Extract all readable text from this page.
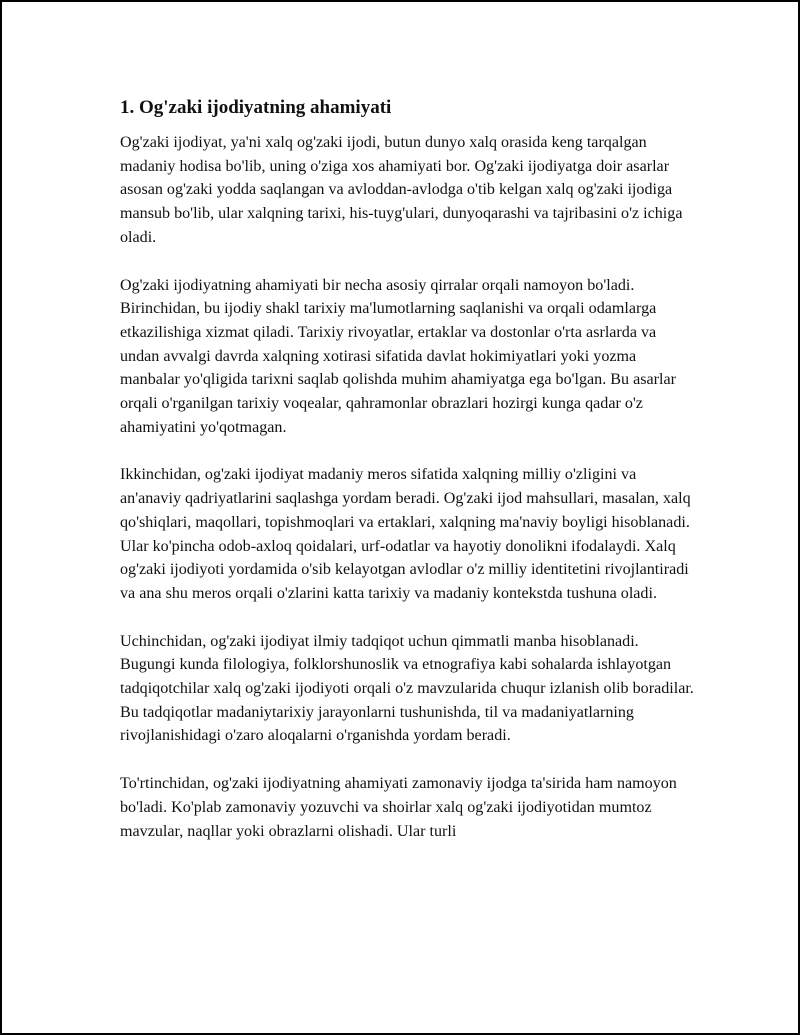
1. Og'zaki ijodiyatning ahamiyati

Og'zaki ijodiyat, ya'ni xalq og'zaki ijodi, butun dunyo xalq orasida keng tarqalgan madaniy hodisa bo'lib, uning o'ziga xos ahamiyati bor. Og'zaki ijodiyatga doir asarlar asosan og'zaki yodda saqlangan va avloddan-avlodga o'tib kelgan xalq og'zaki ijodiga mansub bo'lib, ular xalqning tarixi, his-tuyg'ulari, dunyoqarashi va tajribasini o'z ichiga oladi.

Og'zaki ijodiyatning ahamiyati bir necha asosiy qirralar orqali namoyon bo'ladi. Birinchidan, bu ijodiy shakl tarixiy ma'lumotlarning saqlanishi va orqali odamlarga etkazilishiga xizmat qiladi. Tarixiy rivoyatlar, ertaklar va dostonlar o'rta asrlarda va undan avvalgi davrda xalqning xotirasi sifatida davlat hokimiyatlari yoki yozma manbalar yo'qligida tarixni saqlab qolishda muhim ahamiyatga ega bo'lgan. Bu asarlar orqali o'rganilgan tarixiy voqealar, qahramonlar obrazlari hozirgi kunga qadar o'z ahamiyatini yo'qotmagan.

Ikkinchidan, og'zaki ijodiyat madaniy meros sifatida xalqning milliy o'zligini va an'anaviy qadriyatlarini saqlashga yordam beradi. Og'zaki ijod mahsullari, masalan, xalq qo'shiqlari, maqollari, topishmoqlari va ertaklari, xalqning ma'naviy boyligi hisoblanadi. Ular ko'pincha odob-axloq qoidalari, urf-odatlar va hayotiy donolikni ifodalaydi. Xalq og'zaki ijodiyoti yordamida o'sib kelayotgan avlodlar o'z milliy identitetini rivojlantiradi va ana shu meros orqali o'zlarini katta tarixiy va madaniy kontekstda tushuna oladi.

Uchinchidan, og'zaki ijodiyat ilmiy tadqiqot uchun qimmatli manba hisoblanadi. Bugungi kunda filologiya, folklorshunoslik va etnografiya kabi sohalarda ishlayotgan tadqiqotchilar xalq og'zaki ijodiyoti orqali o'z mavzularida chuqur izlanish olib boradilar. Bu tadqiqotlar madaniytarixiy jarayonlarni tushunishda, til va madaniyatlarning rivojlanishidagi o'zaro aloqalarni o'rganishda yordam beradi.

To'rtinchidan, og'zaki ijodiyatning ahamiyati zamonaviy ijodga ta'sirida ham namoyon bo'ladi. Ko'plab zamonaviy yozuvchi va shoirlar xalq og'zaki ijodiyotidan mumtoz mavzular, naqllar yoki obrazlarni olishadi. Ular turli
